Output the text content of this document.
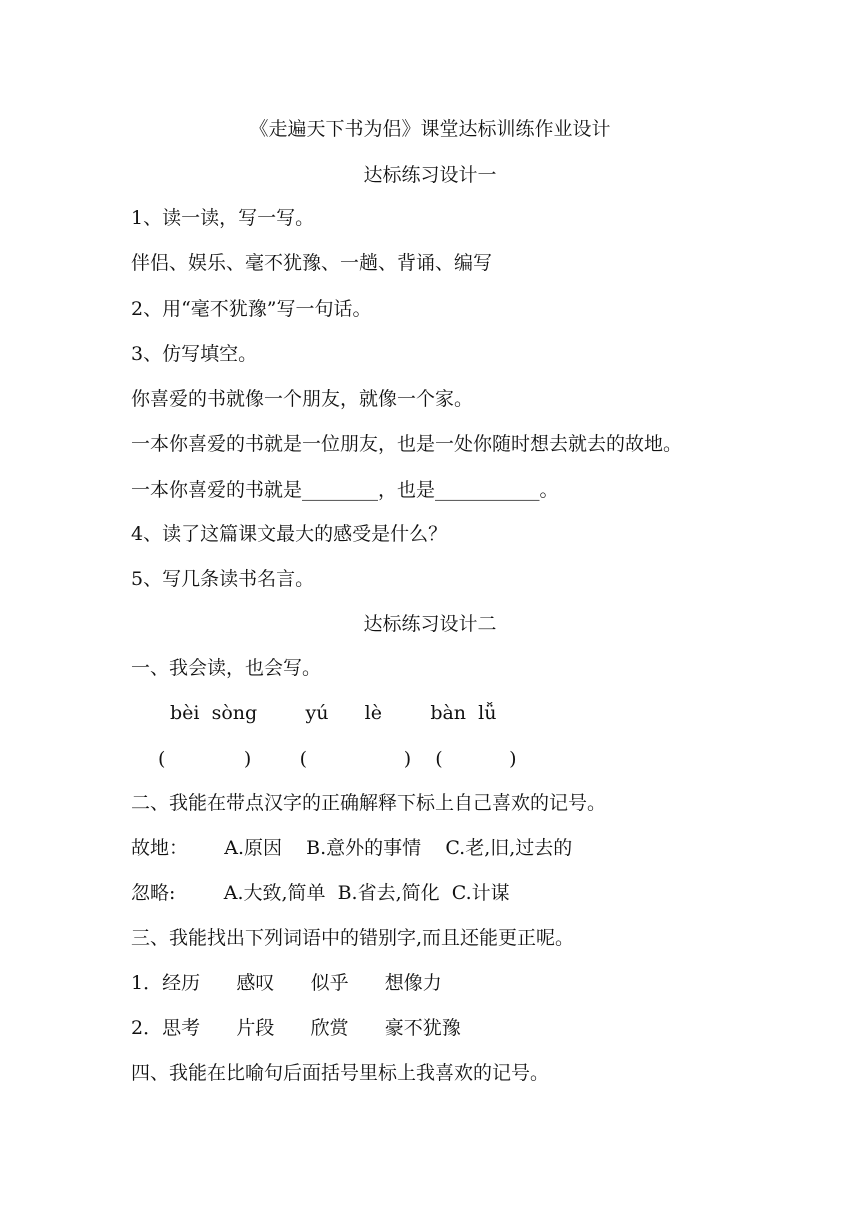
《走遍天下书为侣》课堂达标训练作业设计
达标练习设计一
1、读一读，写一写。
伴侣、娱乐、毫不犹豫、一趟、背诵、编写
2、用“毫不犹豫”写一句话。
3、仿写填空。
你喜爱的书就像一个朋友，就像一个家。
一本你喜爱的书就是一位朋友，也是一处你随时想去就去的故地。
一本你喜爱的书就是________，也是___________。
4、读了这篇课文最大的感受是什么？
5、写几条读书名言。
达标练习设计二
一、我会读，也会写。
bèi  sòng        yú      lè        bàn  lǚ
(             )        (                )    (           )
二、我能在带点汉字的正确解释下标上自己喜欢的记号。
故地：      A.原因    B.意外的事情    C.老,旧,过去的
忽略:        A.大致,简单  B.省去,简化  C.计谋
三、我能找出下列词语中的错别字,而且还能更正呢。
1．经历      感叹      似乎      想像力
2．思考      片段      欣赏      豪不犹豫
四、我能在比喻句后面括号里标上我喜欢的记号。
